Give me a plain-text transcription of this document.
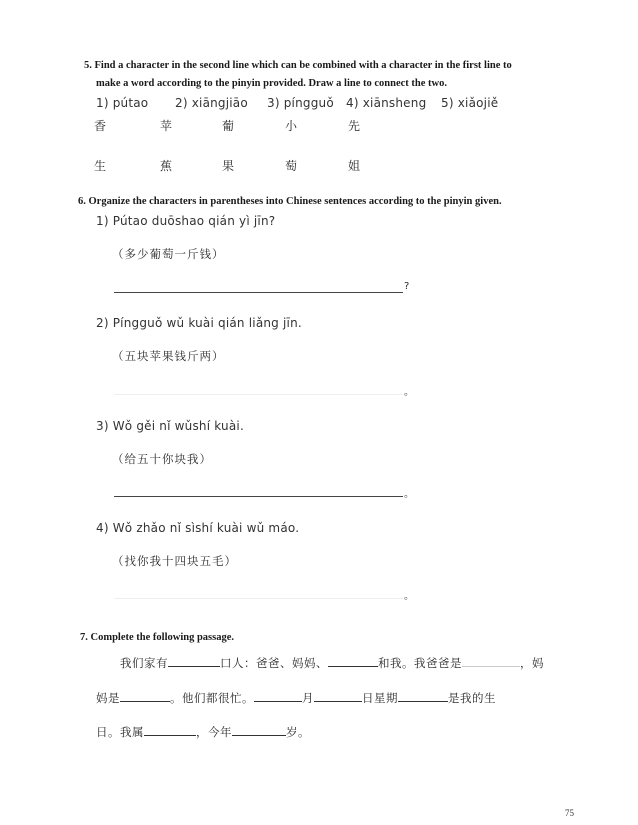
5. Find a character in the second line which can be combined with a character in the first line to
make a word according to the pinyin provided. Draw a line to connect the two.
1) pútao 2) xiāngjiāo 3) píngguǒ 4) xiānsheng 5) xiǎojiě
香	苹	葡	小	先
生	蕉	果	萄	姐
6. Organize the characters in parentheses into Chinese sentences according to the pinyin given.
1) Pútao duōshao qián yì jīn?
（多少葡萄一斤钱）
?
2) Píngguǒ wǔ kuài qián liǎng jīn.
（五块苹果钱斤两）
。
3) Wǒ gěi nǐ wǔshí kuài.
（给五十你块我）
。
4) Wǒ zhǎo nǐ sìshí kuài wǔ máo.
（找你我十四块五毛）
。
7. Complete the following passage.
我们家有	口人：爸爸、妈妈、	和我。我爸爸是	，妈
妈是	。他们都很忙。	月	日星期	是我的生
日。我属	，今年	岁。
75
